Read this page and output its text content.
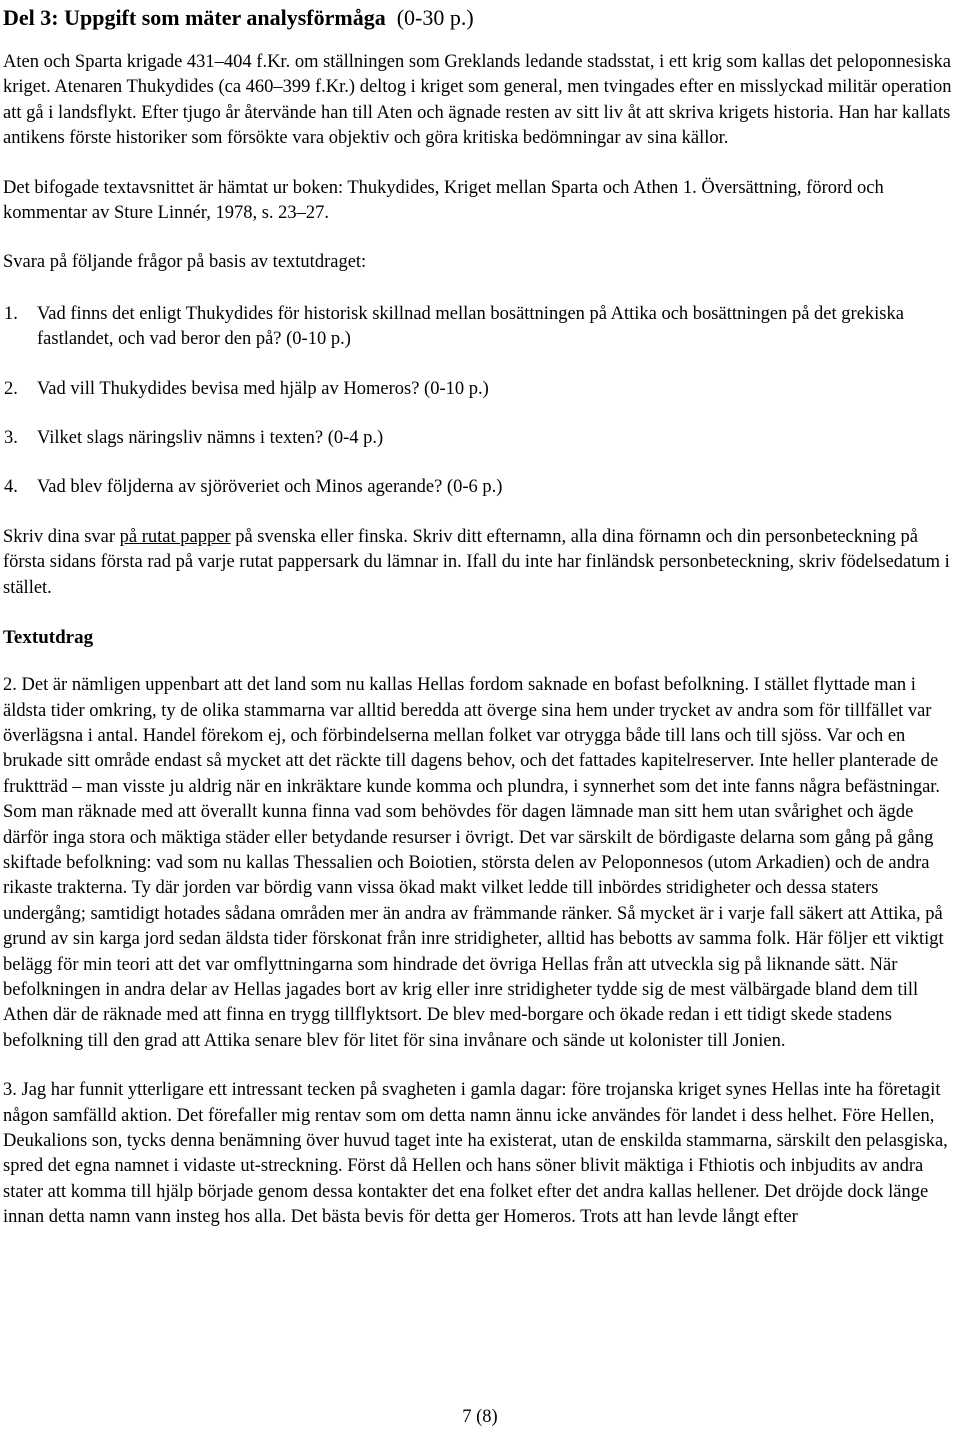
Del 3: Uppgift som mäter analysförmåga (0-30 p.)

Aten och Sparta krigade 431–404 f.Kr. om ställningen som Greklands ledande stadsstat, i ett krig som kallas det peloponnesiska kriget. Atenaren Thukydides (ca 460–399 f.Kr.) deltog i kriget som general, men tvingades efter en misslyckad militär operation att gå i landsflykt. Efter tjugo år återvände han till Aten och ägnade resten av sitt liv åt att skriva krigets historia. Han har kallats antikens förste historiker som försökte vara objektiv och göra kritiska bedömningar av sina källor.

Det bifogade textavsnittet är hämtat ur boken: Thukydides, Kriget mellan Sparta och Athen 1. Översättning, förord och kommentar av Sture Linnér, 1978, s. 23–27.

Svara på följande frågor på basis av textutdraget:

1.	Vad finns det enligt Thukydides för historisk skillnad mellan bosättningen på Attika och bosättningen på det grekiska fastlandet, och vad beror den på? (0-10 p.)
2.	Vad vill Thukydides bevisa med hjälp av Homeros? (0-10 p.)
3.	Vilket slags näringsliv nämns i texten? (0-4 p.)
4.	Vad blev följderna av sjöröveriet och Minos agerande? (0-6 p.)

Skriv dina svar på rutat papper på svenska eller finska. Skriv ditt efternamn, alla dina förnamn och din personbeteckning på första sidans första rad på varje rutat pappersark du lämnar in. Ifall du inte har finländsk personbeteckning, skriv födelsedatum i stället.

Textutdrag

2. Det är nämligen uppenbart att det land som nu kallas Hellas fordom saknade en bofast befolkning. I stället flyttade man i äldsta tider omkring, ty de olika stammarna var alltid beredda att överge sina hem under trycket av andra som för tillfället var överlägsna i antal. Handel förekom ej, och förbindelserna mellan folket var otrygga både till lans och till sjöss. Var och en brukade sitt område endast så mycket att det räckte till dagens behov, och det fattades kapitelreserver. Inte heller planterade de fruktträd – man visste ju aldrig när en inkräktare kunde komma och plundra, i synnerhet som det inte fanns några befästningar. Som man räknade med att överallt kunna finna vad som behövdes för dagen lämnade man sitt hem utan svårighet och ägde därför inga stora och mäktiga städer eller betydande resurser i övrigt. Det var särskilt de bördigaste delarna som gång på gång skiftade befolkning: vad som nu kallas Thessalien och Boiotien, största delen av Peloponnesos (utom Arkadien) och de andra rikaste trakterna. Ty där jorden var bördig vann vissa ökad makt vilket ledde till inbördes stridigheter och dessa staters undergång; samtidigt hotades sådana områden mer än andra av främmande ränker. Så mycket är i varje fall säkert att Attika, på grund av sin karga jord sedan äldsta tider förskonat från inre stridigheter, alltid has bebotts av samma folk. Här följer ett viktigt belägg för min teori att det var omflyttningarna som hindrade det övriga Hellas från att utveckla sig på liknande sätt. När befolkningen in andra delar av Hellas jagades bort av krig eller inre stridigheter tydde sig de mest välbärgade bland dem till Athen där de räknade med att finna en trygg tillflyktsort. De blev med-borgare och ökade redan i ett tidigt skede stadens befolkning till den grad att Attika senare blev för litet för sina invånare och sände ut kolonister till Jonien.

3. Jag har funnit ytterligare ett intressant tecken på svagheten i gamla dagar: före trojanska kriget synes Hellas inte ha företagit någon samfälld aktion. Det förefaller mig rentav som om detta namn ännu icke användes för landet i dess helhet. Före Hellen, Deukalions son, tycks denna benämning över huvud taget inte ha existerat, utan de enskilda stammarna, särskilt den pelasgiska, spred det egna namnet i vidaste ut-streckning. Först då Hellen och hans söner blivit mäktiga i Fthiotis och inbjudits av andra stater att komma till hjälp började genom dessa kontakter det ena folket efter det andra kallas hellener. Det dröjde dock länge innan detta namn vann insteg hos alla. Det bästa bevis för detta ger Homeros. Trots att han levde långt efter

7 (8)
